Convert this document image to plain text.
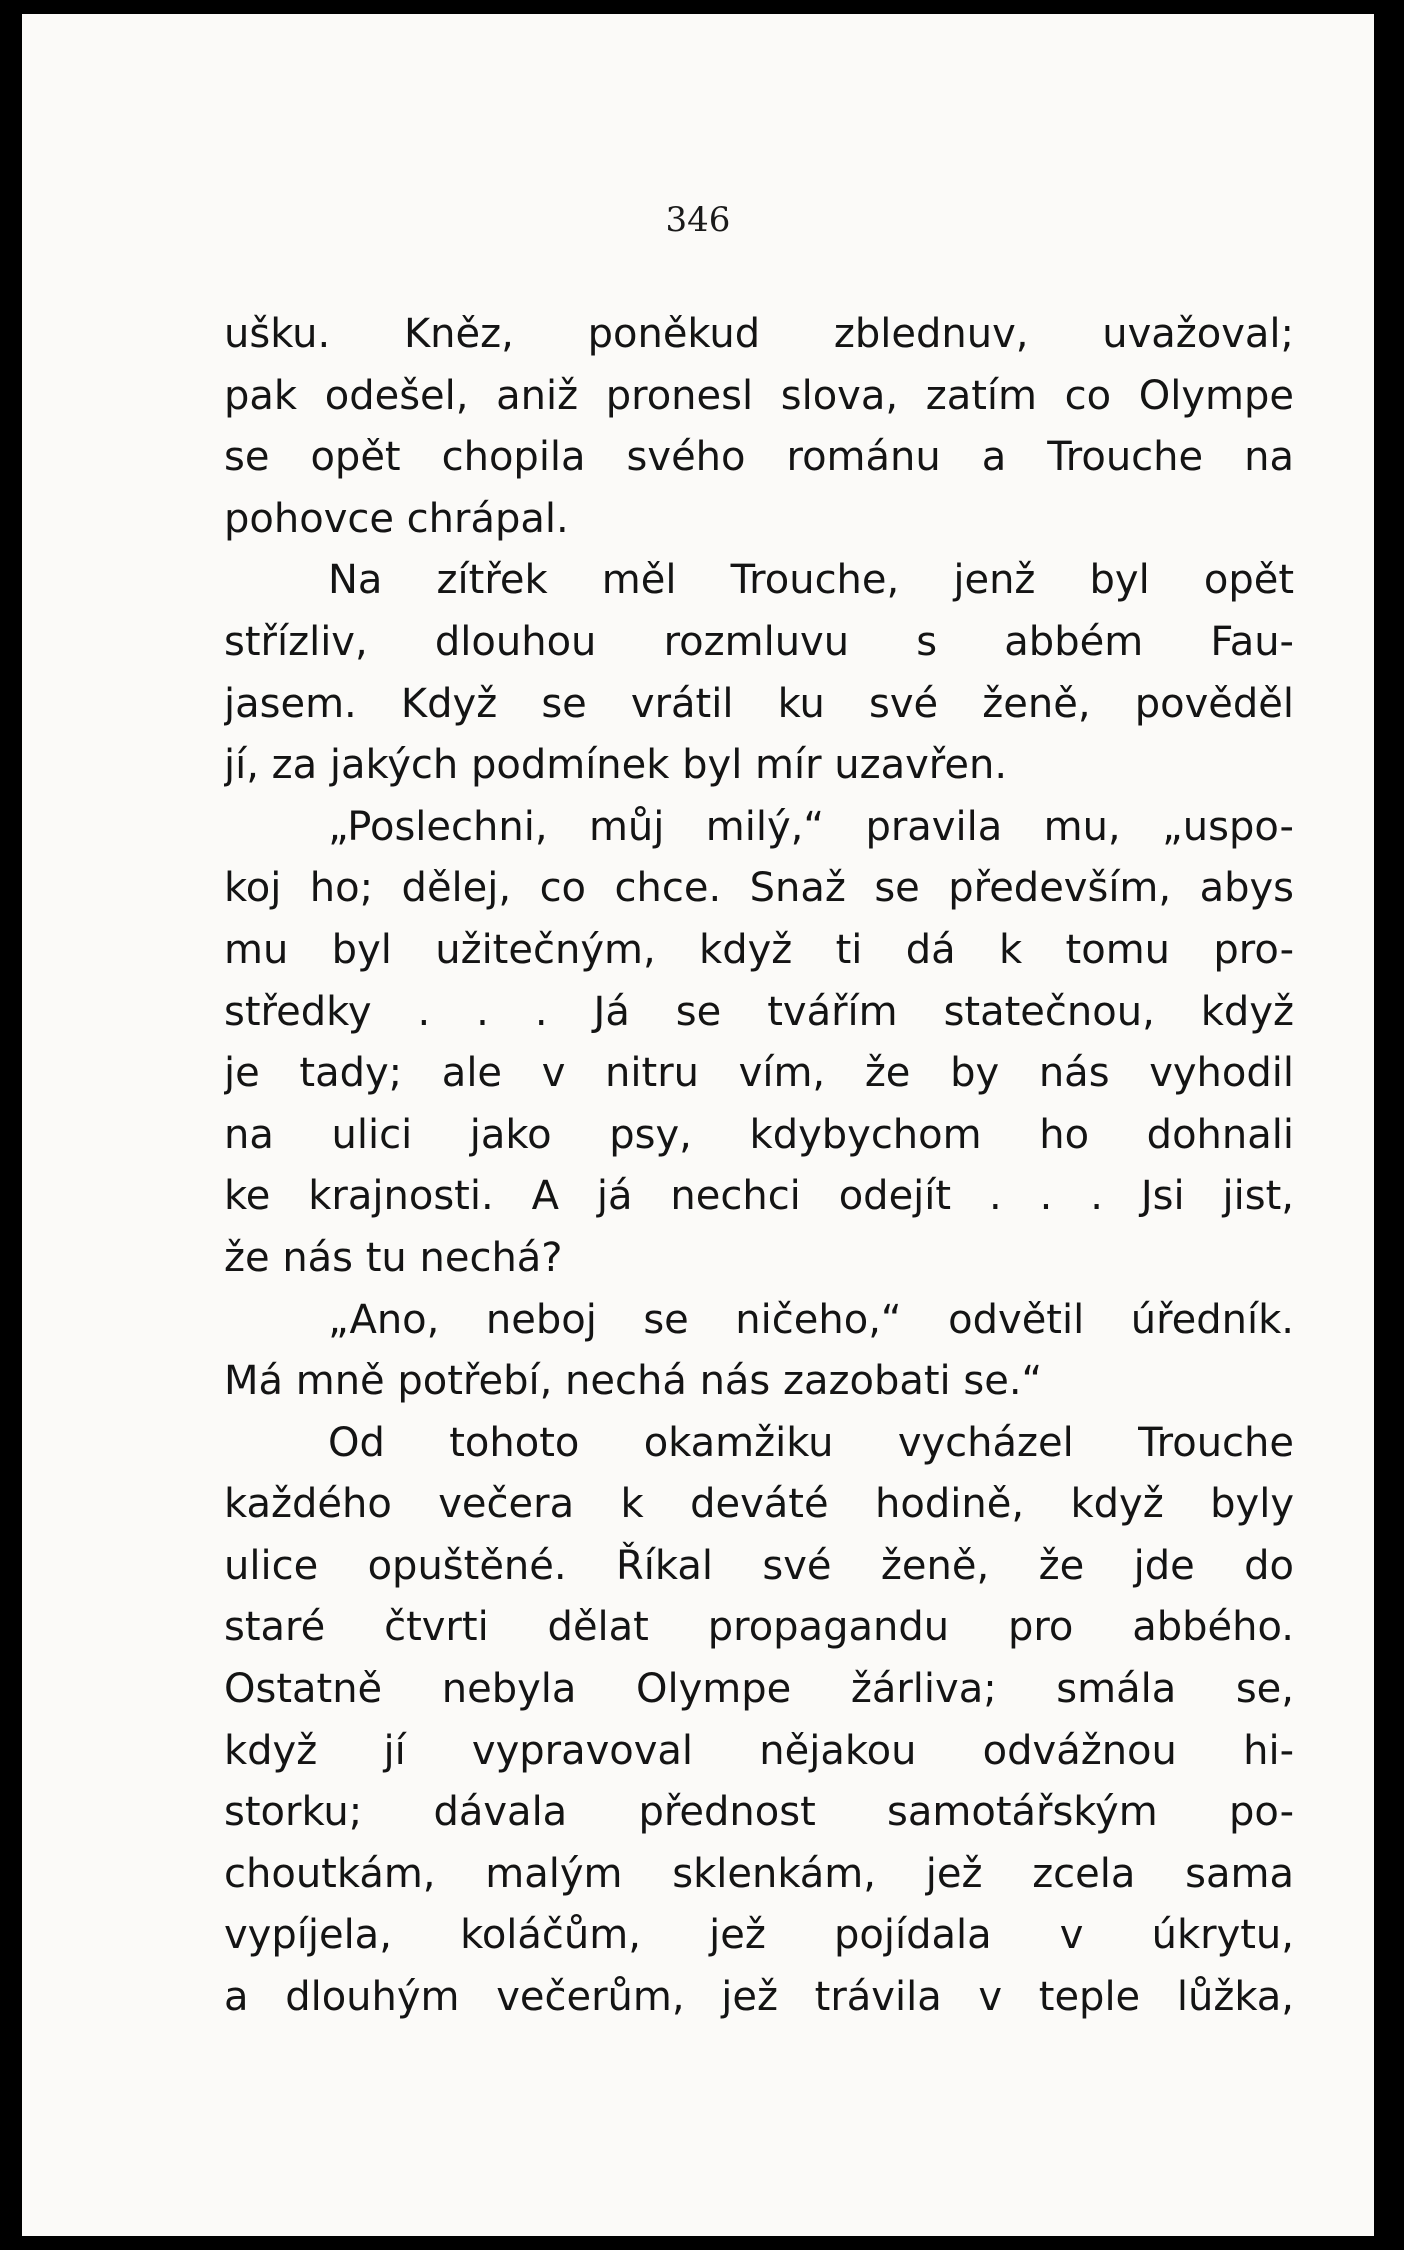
346
ušku. Kněz, poněkud zblednuv, uvažoval;
pak odešel, aniž pronesl slova, zatím co Olympe
se opět chopila svého románu a Trouche na
pohovce chrápal.
Na zítřek měl Trouche, jenž byl opět
střízliv, dlouhou rozmluvu s abbém Fau-
jasem. Když se vrátil ku své ženě, pověděl
jí, za jakých podmínek byl mír uzavřen.
„Poslechni, můj milý,“ pravila mu, „uspo-
koj ho; dělej, co chce. Snaž se především, abys
mu byl užitečným, když ti dá k tomu pro-
středky . . . Já se tvářím statečnou, když
je tady; ale v nitru vím, že by nás vyhodil
na ulici jako psy, kdybychom ho dohnali
ke krajnosti. A já nechci odejít . . . Jsi jist,
že nás tu nechá?
„Ano, neboj se ničeho,“ odvětil úředník.
Má mně potřebí, nechá nás zazobati se.“
Od tohoto okamžiku vycházel Trouche
každého večera k deváté hodině, když byly
ulice opuštěné. Říkal své ženě, že jde do
staré čtvrti dělat propagandu pro abbého.
Ostatně nebyla Olympe žárliva; smála se,
když jí vypravoval nějakou odvážnou hi-
storku; dávala přednost samotářským po-
choutkám, malým sklenkám, jež zcela sama
vypíjela, koláčům, jež pojídala v úkrytu,
a dlouhým večerům, jež trávila v teple lůžka,
